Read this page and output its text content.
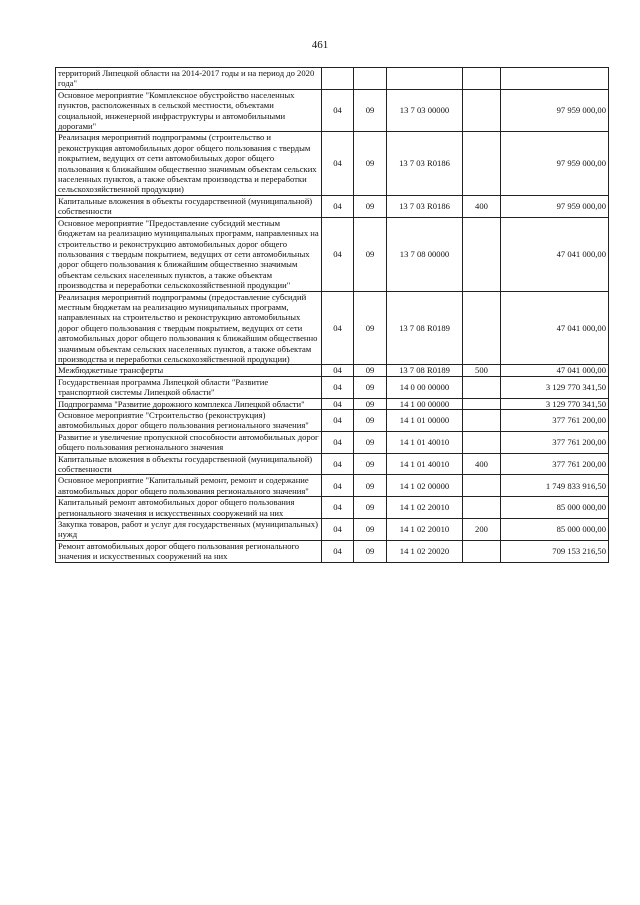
461
территорий Липецкой области на 2014-2017 годы и на период до 2020 года"					
Основное мероприятие "Комплексное обустройство населенных пунктов, расположенных в сельской местности, объектами социальной, инженерной инфраструктуры и автомобильными дорогами"	04	09	13 7 03 00000		97 959 000,00
Реализация мероприятий подпрограммы (строительство и реконструкция автомобильных дорог общего пользования с твердым покрытием, ведущих от сети автомобильных дорог общего пользования к ближайшим общественно значимым объектам сельских населенных пунктов, а также объектам производства и переработки сельскохозяйственной продукции)	04	09	13 7 03 R0186		97 959 000,00
Капитальные вложения в объекты государственной (муниципальной) собственности	04	09	13 7 03 R0186	400	97 959 000,00
Основное мероприятие "Предоставление субсидий местным бюджетам на реализацию муниципальных программ, направленных на строительство и реконструкцию автомобильных дорог общего пользования с твердым покрытием, ведущих от сети автомобильных дорог общего пользования к ближайшим общественно значимым объектам сельских населенных пунктов, а также объектам производства и переработки сельскохозяйственной продукции"	04	09	13 7 08 00000		47 041 000,00
Реализация мероприятий подпрограммы (предоставление субсидий местным бюджетам на реализацию муниципальных программ, направленных на строительство и реконструкцию автомобильных дорог общего пользования с твердым покрытием, ведущих от сети автомобильных дорог общего пользования к ближайшим общественно значимым объектам сельских населенных пунктов, а также объектам производства и переработки сельскохозяйственной продукции)	04	09	13 7 08 R0189		47 041 000,00
Межбюджетные трансферты	04	09	13 7 08 R0189	500	47 041 000,00
Государственная программа Липецкой области "Развитие транспортной системы Липецкой области"	04	09	14 0 00 00000		3 129 770 341,50
Подпрограмма "Развитие дорожного комплекса Липецкой области"	04	09	14 1 00 00000		3 129 770 341,50
Основное мероприятие "Строительство (реконструкция) автомобильных дорог общего пользования регионального значения"	04	09	14 1 01 00000		377 761 200,00
Развитие и увеличение пропускной способности автомобильных дорог общего пользования регионального значения	04	09	14 1 01 40010		377 761 200,00
Капитальные вложения в объекты государственной (муниципальной) собственности	04	09	14 1 01 40010	400	377 761 200,00
Основное мероприятие "Капитальный ремонт, ремонт и содержание автомобильных дорог общего пользования регионального значения"	04	09	14 1 02 00000		1 749 833 916,50
Капитальный ремонт автомобильных дорог общего пользования регионального значения и искусственных сооружений на них	04	09	14 1 02 20010		85 000 000,00
Закупка товаров, работ и услуг для государственных (муниципальных) нужд	04	09	14 1 02 20010	200	85 000 000,00
Ремонт автомобильных дорог общего пользования регионального значения и искусственных сооружений на них	04	09	14 1 02 20020		709 153 216,50
